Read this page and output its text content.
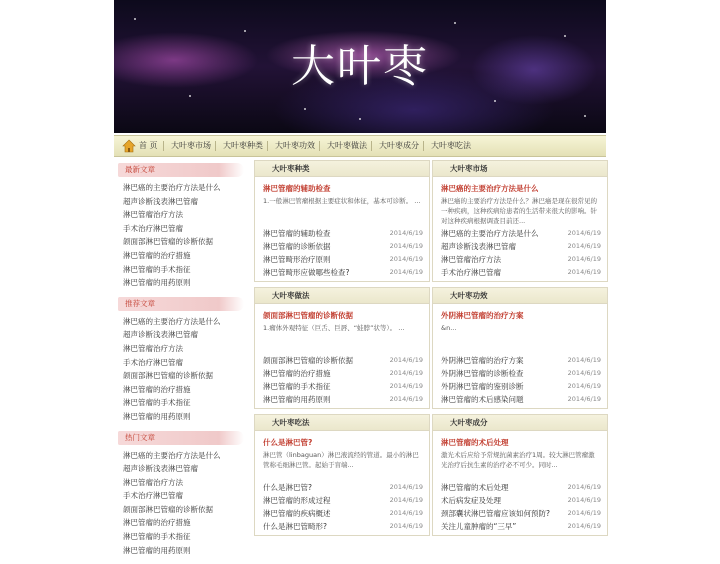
大叶枣
首 页 大叶枣市场 大叶枣种类 大叶枣功效 大叶枣做法 大叶枣成分 大叶枣吃法
最新文章
淋巴癌的主要治疗方法是什么
超声诊断浅表淋巴管瘤
淋巴管瘤治疗方法
手术治疗淋巴管瘤
颌面部淋巴管瘤的诊断依据
淋巴管瘤的治疗措施
淋巴管瘤的手术指征
淋巴管瘤的用药原则
推荐文章
淋巴癌的主要治疗方法是什么
超声诊断浅表淋巴管瘤
淋巴管瘤治疗方法
手术治疗淋巴管瘤
颌面部淋巴管瘤的诊断依据
淋巴管瘤的治疗措施
淋巴管瘤的手术指征
淋巴管瘤的用药原则
热门文章
淋巴癌的主要治疗方法是什么
超声诊断浅表淋巴管瘤
淋巴管瘤治疗方法
手术治疗淋巴管瘤
颌面部淋巴管瘤的诊断依据
淋巴管瘤的治疗措施
淋巴管瘤的手术指征
淋巴管瘤的用药原则
大叶枣种类
淋巴管瘤的辅助检查
1.一般淋巴管瘤根据主要症状和体征，基本可诊断。 ...
淋巴管瘤的辅助检查	2014/6/19
淋巴管瘤的诊断依据	2014/6/19
淋巴管畸形治疗原则	2014/6/19
淋巴管畸形应做哪些检查?	2014/6/19
大叶枣市场
淋巴癌的主要治疗方法是什么
淋巴癌的主要治疗方法是什么？淋巴癌是现在很常见的一种疾病，这种疾病给患者的生活带来很大的影响。针对这种疾病根据调查目前还...
淋巴癌的主要治疗方法是什么	2014/6/19
超声诊断浅表淋巴管瘤	2014/6/19
淋巴管瘤治疗方法	2014/6/19
手术治疗淋巴管瘤	2014/6/19
大叶枣做法
颌面部淋巴管瘤的诊断依据
1.瘤体外观特征（巨舌、巨唇、“蛙脖”状等）。 ...
颌面部淋巴管瘤的诊断依据	2014/6/19
淋巴管瘤的治疗措施	2014/6/19
淋巴管瘤的手术指征	2014/6/19
淋巴管瘤的用药原则	2014/6/19
大叶枣功效
外阴淋巴管瘤的治疗方案
&n...
外阴淋巴管瘤的治疗方案	2014/6/19
外阴淋巴管瘤的诊断检查	2014/6/19
外阴淋巴管瘤的鉴别诊断	2014/6/19
淋巴管瘤的术后感染问题	2014/6/19
大叶枣吃法
什么是淋巴管?
淋巴管（linbaguan）淋巴液流经的管道。最小的淋巴管称毛细淋巴管。起始于盲端...
什么是淋巴管?	2014/6/19
淋巴管瘤的形成过程	2014/6/19
淋巴管瘤的疾病概述	2014/6/19
什么是淋巴管畸形?	2014/6/19
大叶枣成分
淋巴管瘤的术后处理
激光术后应给予常规抗菌素治疗1周。较大淋巴管瘤激光治疗后抗生素的治疗必不可少。同时...
淋巴管瘤的术后处理	2014/6/19
术后病发症及处理	2014/6/19
颈部囊状淋巴管瘤应该如何预防?	2014/6/19
关注儿童肿瘤的“三早”	2014/6/19
